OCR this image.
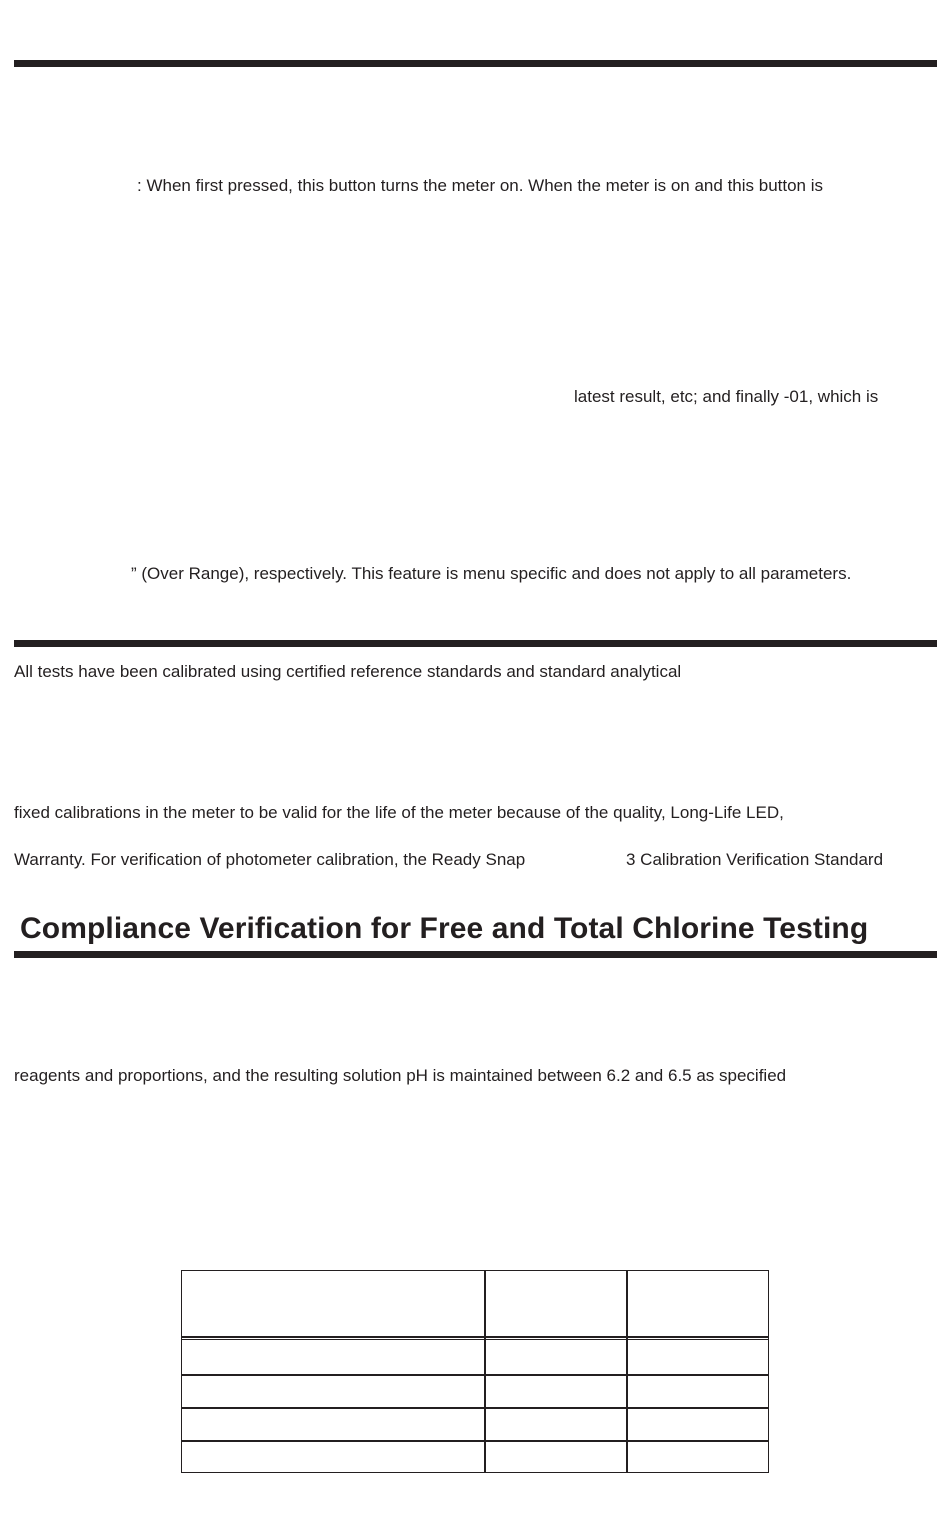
: When first pressed, this button turns the meter on. When the meter is on and this button is
latest result, etc; and finally -01, which is
” (Over Range), respectively. This feature is menu specific and does not apply to all parameters.
All tests have been calibrated using certified reference standards and standard analytical
fixed calibrations in the meter to be valid for the life of the meter because of the quality, Long-Life LED,
Warranty. For verification of photometer calibration, the Ready Snap	3 Calibration Verification Standard
Compliance Verification for Free and Total Chlorine Testing
reagents and proportions, and the resulting solution pH is maintained between 6.2 and 6.5 as specified
